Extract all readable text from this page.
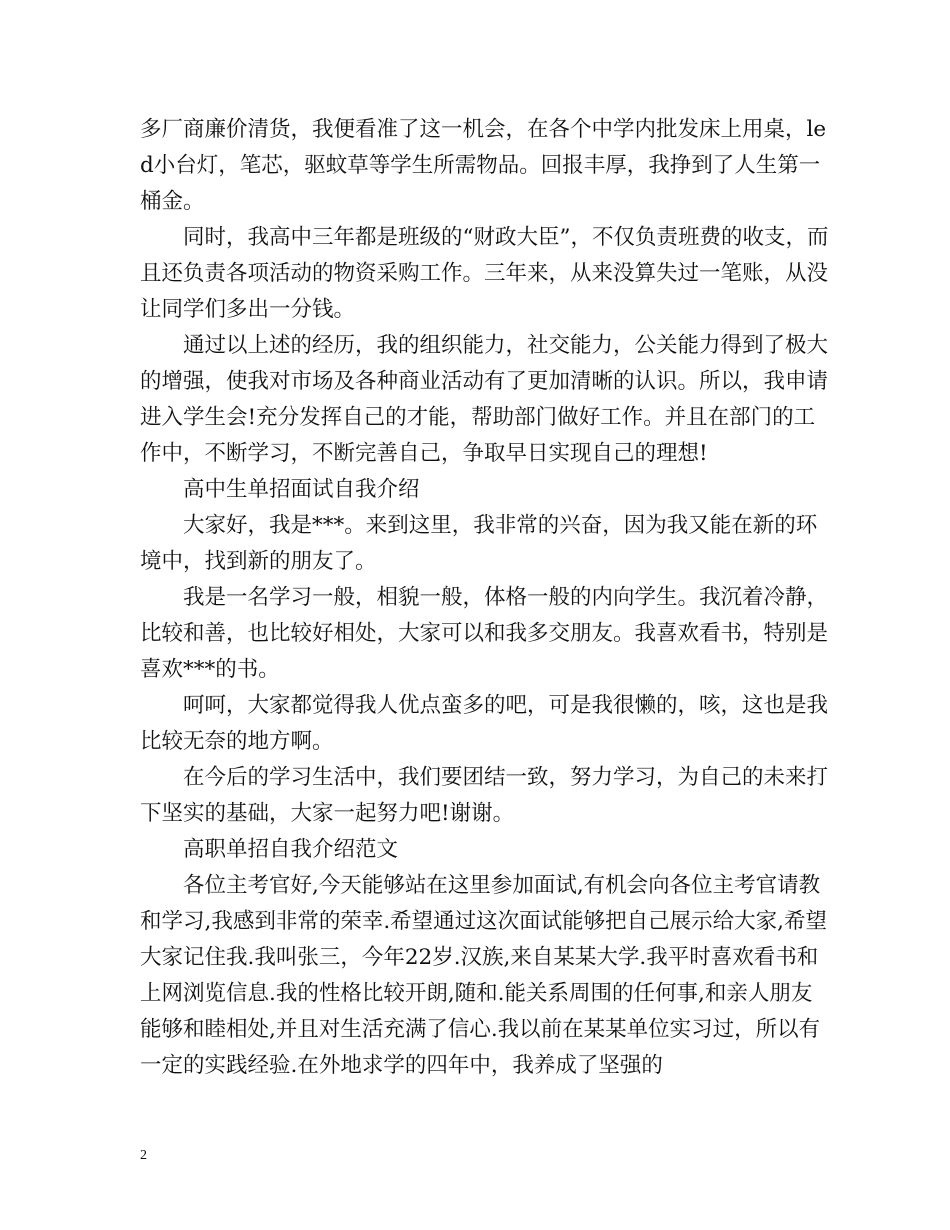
多厂商廉价清货，我便看准了这一机会，在各个中学内批发床上用桌，led小台灯，笔芯，驱蚊草等学生所需物品。回报丰厚，我挣到了人生第一桶金。

同时，我高中三年都是班级的“财政大臣”，不仅负责班费的收支，而且还负责各项活动的物资采购工作。三年来，从来没算失过一笔账，从没让同学们多出一分钱。

通过以上述的经历，我的组织能力，社交能力，公关能力得到了极大的增强，使我对市场及各种商业活动有了更加清晰的认识。所以，我申请进入学生会!充分发挥自己的才能，帮助部门做好工作。并且在部门的工作中，不断学习，不断完善自己，争取早日实现自己的理想!

高中生单招面试自我介绍

大家好，我是***。来到这里，我非常的兴奋，因为我又能在新的环境中，找到新的朋友了。

我是一名学习一般，相貌一般，体格一般的内向学生。我沉着冷静，比较和善，也比较好相处，大家可以和我多交朋友。我喜欢看书，特别是喜欢***的书。

呵呵，大家都觉得我人优点蛮多的吧，可是我很懒的，咳，这也是我比较无奈的地方啊。

在今后的学习生活中，我们要团结一致，努力学习，为自己的未来打下坚实的基础，大家一起努力吧!谢谢。

高职单招自我介绍范文

各位主考官好,今天能够站在这里参加面试,有机会向各位主考官请教和学习,我感到非常的荣幸.希望通过这次面试能够把自己展示给大家,希望大家记住我.我叫张三，今年22岁.汉族,来自某某大学.我平时喜欢看书和上网浏览信息.我的性格比较开朗,随和.能关系周围的任何事,和亲人朋友能够和睦相处,并且对生活充满了信心.我以前在某某单位实习过，所以有一定的实践经验.在外地求学的四年中，我养成了坚强的

2
